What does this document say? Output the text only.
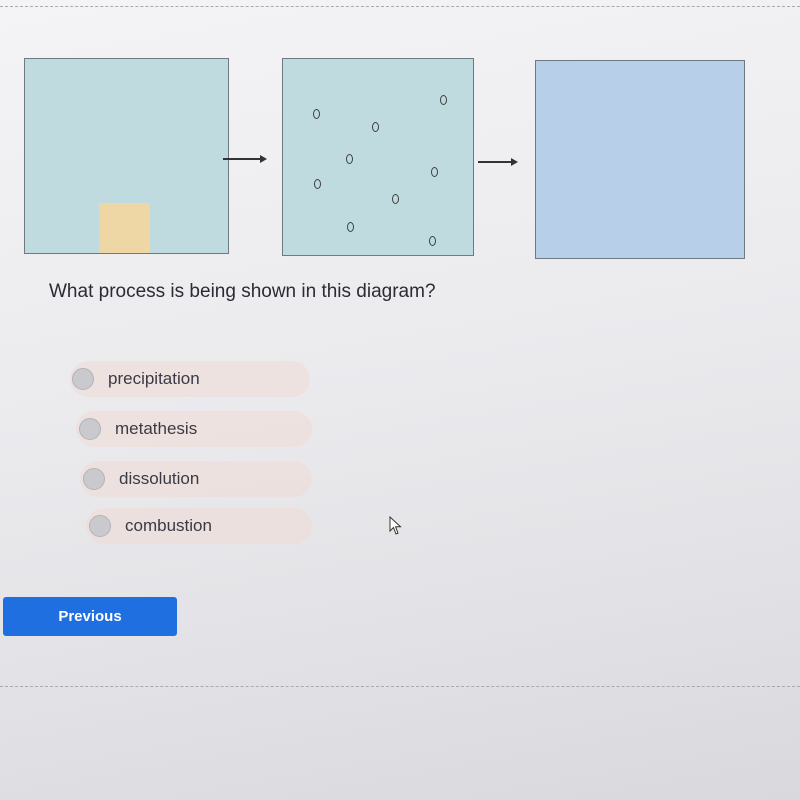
What process is being shown in this diagram?
precipitation
metathesis
dissolution
combustion
Previous
